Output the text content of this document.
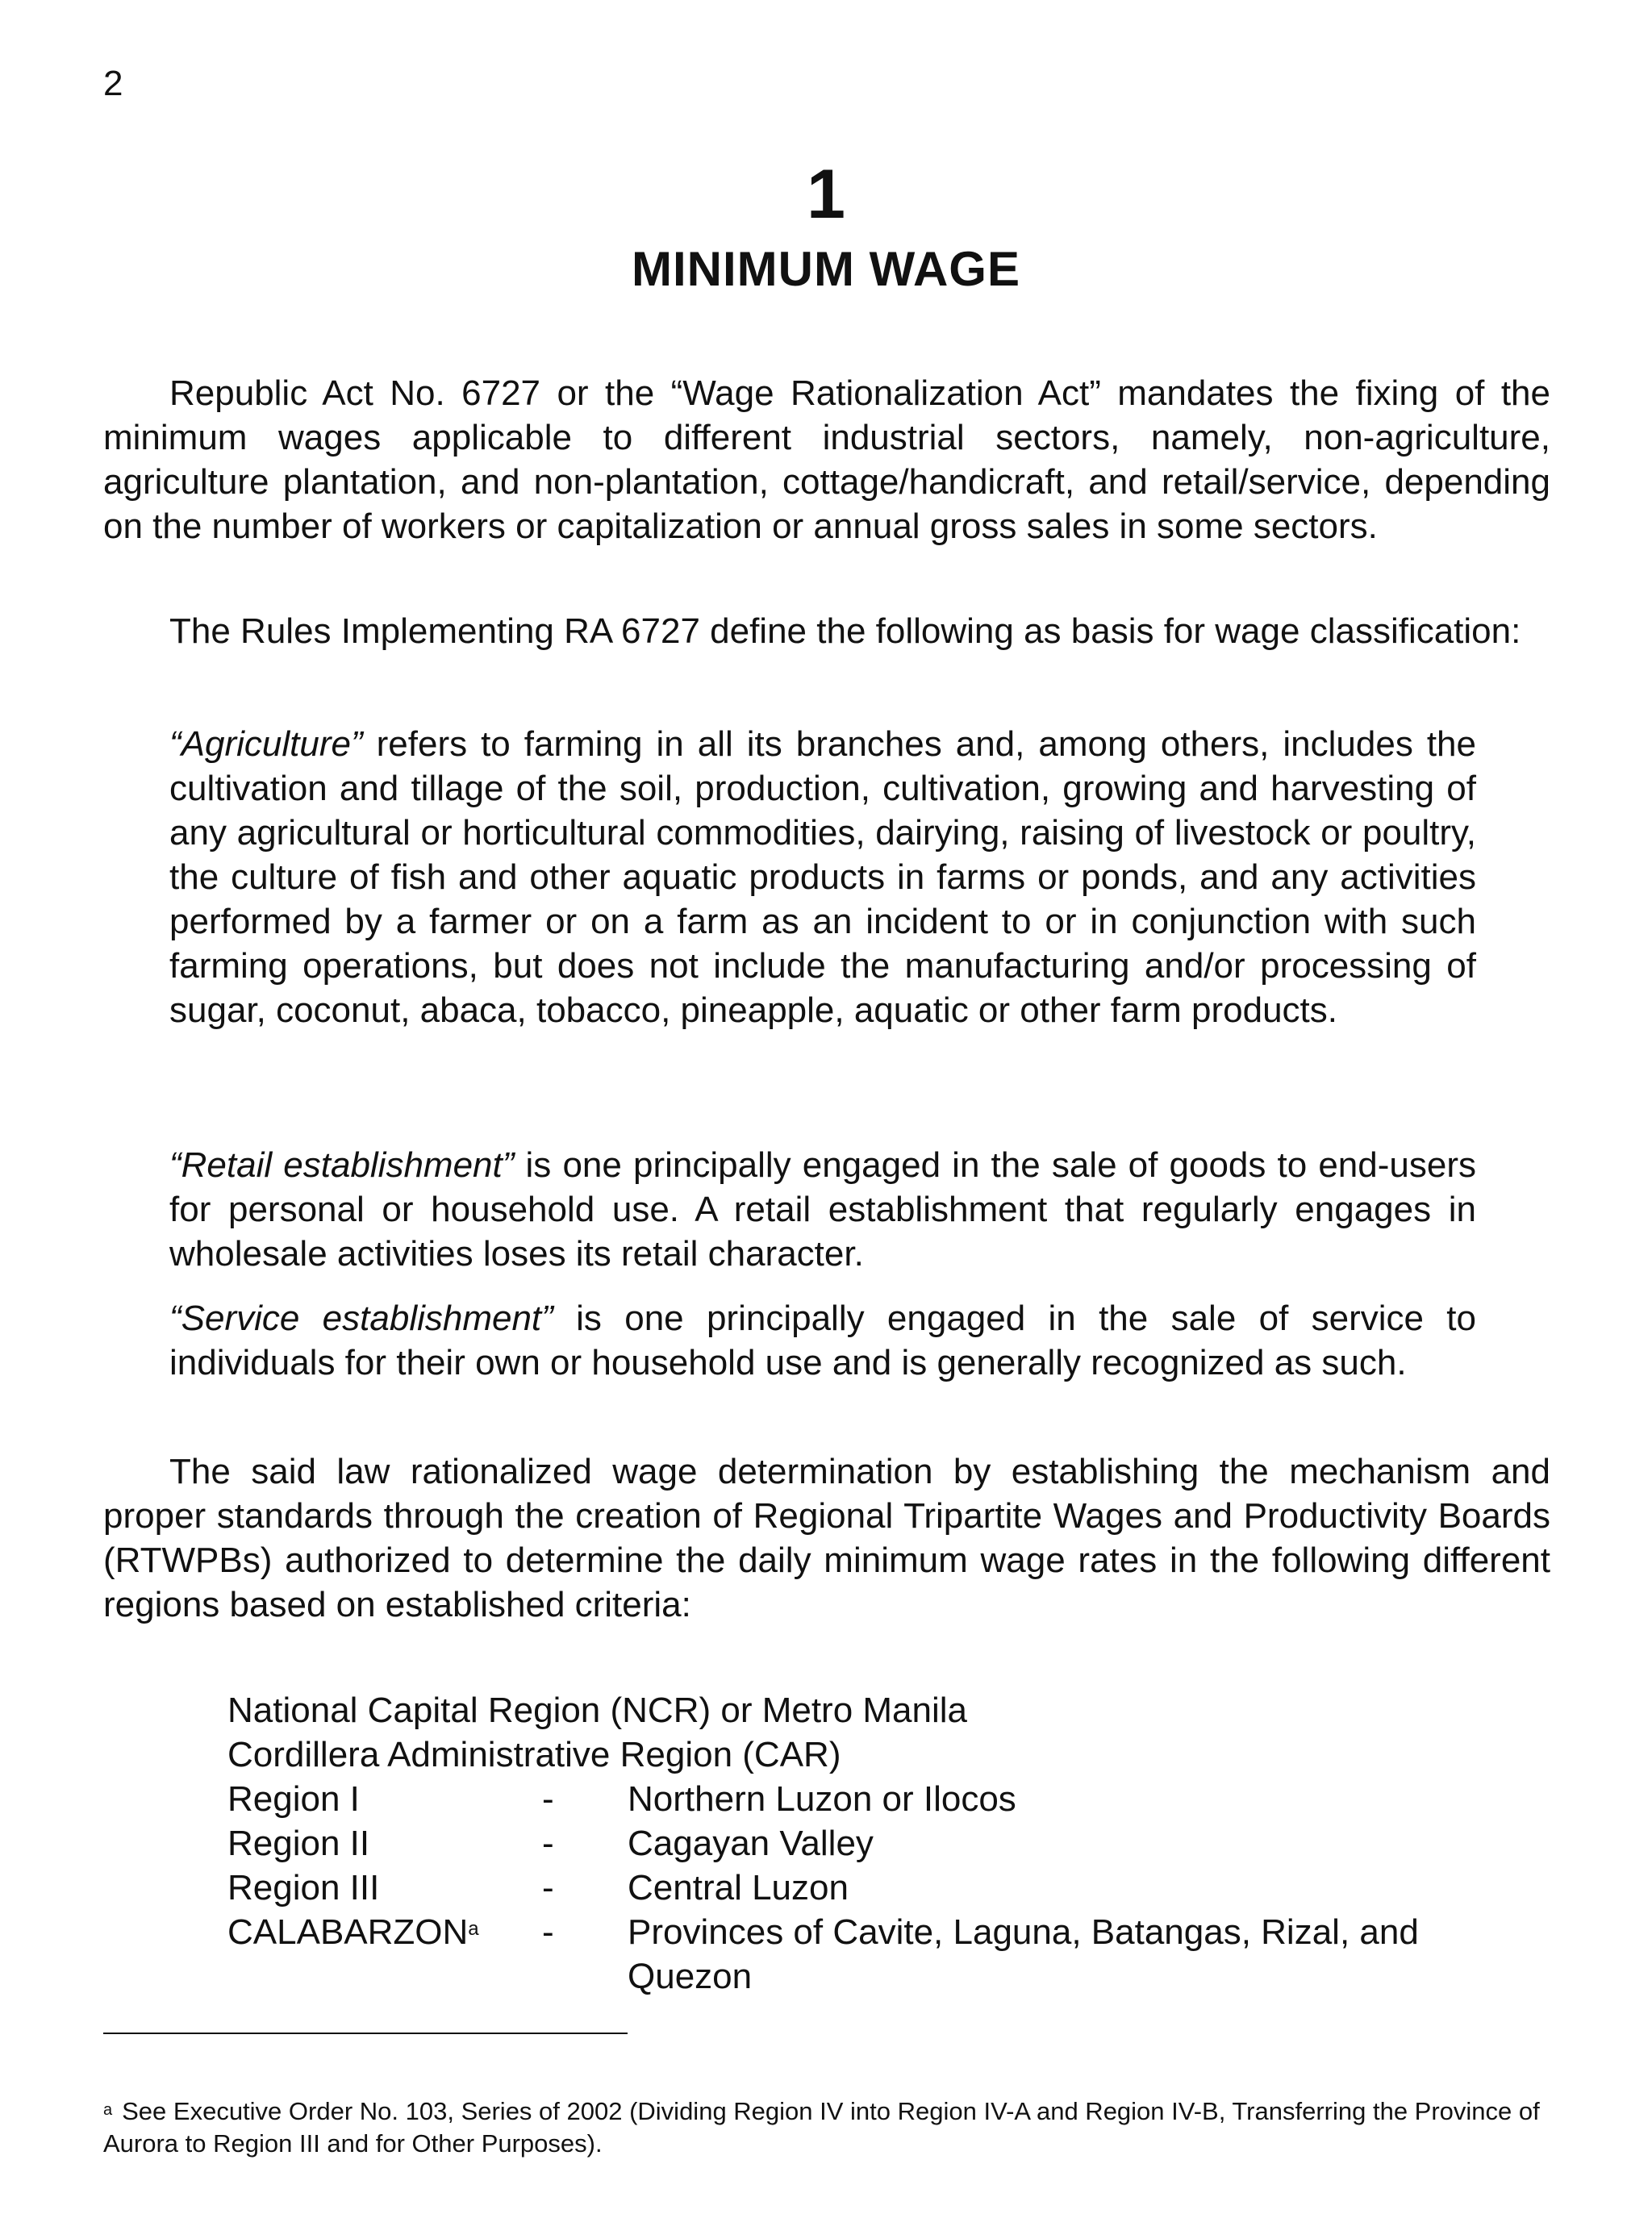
2
1
MINIMUM WAGE

Republic Act No. 6727 or the “Wage Rationalization Act” mandates the fixing of the minimum wages applicable to different industrial sectors, namely, non-agriculture, agriculture plantation, and non-plantation, cottage/handicraft, and retail/service, depending on the number of workers or capitalization or annual gross sales in some sectors.

The Rules Implementing RA 6727 define the following as basis for wage classification:

“Agriculture” refers to farming in all its branches and, among others, includes the cultivation and tillage of the soil, production, cultivation, growing and harvesting of any agricultural or horticultural commodities, dairying, raising of livestock or poultry, the culture of fish and other aquatic products in farms or ponds, and any activities performed by a farmer or on a farm as an incident to or in conjunction with such farming operations, but does not include the manufacturing and/or processing of sugar, coconut, abaca, tobacco, pineapple, aquatic or other farm products.

“Retail establishment” is one principally engaged in the sale of goods to end-users for personal or household use. A retail establishment that regularly engages in wholesale activities loses its retail character.

“Service establishment” is one principally engaged in the sale of service to individuals for their own or household use and is generally recognized as such.

The said law rationalized wage determination by establishing the mechanism and proper standards through the creation of Regional Tripartite Wages and Productivity Boards (RTWPBs) authorized to determine the daily minimum wage rates in the following different regions based on established criteria:

National Capital Region (NCR) or Metro Manila
Cordillera Administrative Region (CAR)
Region I	-	Northern Luzon or Ilocos
Region II	-	Cagayan Valley
Region III	-	Central Luzon
CALABARZON$^a$	-	Provinces of Cavite, Laguna, Batangas, Rizal, and Quezon

$^a$ See Executive Order No. 103, Series of 2002 (Dividing Region IV into Region IV-A and Region IV-B, Transferring the Province of Aurora to Region III and for Other Purposes).
